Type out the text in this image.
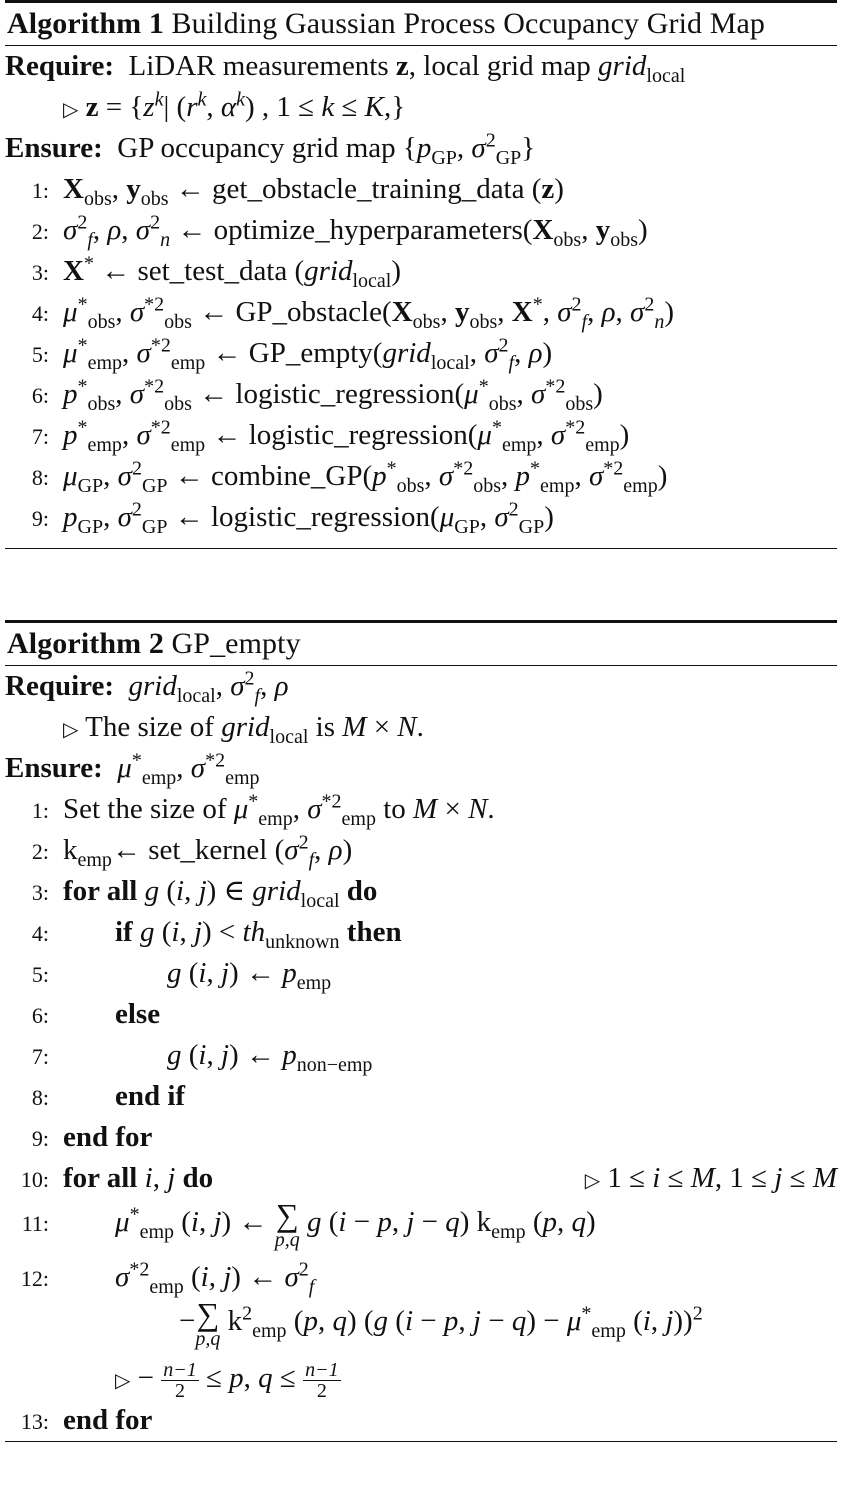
Algorithm 1 Building Gaussian Process Occupancy Grid Map
Require:  LiDAR measurements z, local grid map grid$_{local}$
▷ $z = \{z^k|$ ($r^k$, $\alpha^k$) , 1 ≤ k ≤ K,}
Ensure:  GP occupancy grid map {$p_{GP}$, $\sigma^2_{GP}$}
1: $X_{obs}$, $y_{obs}$ ← get_obstacle_training_data (z)
2: $\sigma^2_f$, ρ, $\sigma^2_n$ ← $optimize\_hyperparameters(X_{obs}$, $y_{obs}$)
3: X* ← set_test_data (grid$_{local}$)
4: $\mu^*_{obs}$, $\sigma^{*2}_{obs}$ ← $GP\_obstacle(X_{obs}$, $y_{obs}$, X*, $\sigma^2_f$, ρ, $\sigma^2_n$)
5: $\mu^*_{emp}$, $\sigma^{*2}_{emp}$ ← GP_empty(grid$_{local}$, $\sigma^2_f$, ρ)
6: $p^*_{obs}$, $\sigma^{*2}_{obs}$ ← $logistic\_regression(\mu^*_{obs}$, $\sigma^{*2}_{obs}$)
7: $p^*_{emp}$, $\sigma^{*2}_{emp}$ ← $logistic\_regression(\mu^*_{emp}$, $\sigma^{*2}_{emp}$)
8: $\mu_{GP}$, $\sigma^2_{GP}$ ← $combine\_GP(p^*_{obs}$, $\sigma^{*2}_{obs}$, $p^*_{emp}$, $\sigma^{*2}_{emp}$)
9: $p_{GP}$, $\sigma^2_{GP}$ ← $logistic\_regression(\mu_{GP}$, $\sigma^2_{GP}$)
Algorithm 2 GP_empty
Require: grid$_{local}$, $\sigma^2_f$, ρ
▷ The size of grid$_{local}$ is M × N.
Ensure: $\mu^*_{emp}$, $\sigma^{*2}_{emp}$
1: Set the size of $\mu^*_{emp}$, $\sigma^{*2}_{emp}$ to M × N.
2: $k_{emp}\leftarrow$ set_kernel ($\sigma^2_f$, ρ)
3: for all g (i, j) ∈ grid$_{local}$ do
4: if g (i, $j) < th_{unknown}$ then
5:	g (i, j) ← $p_{emp}$
6: else
7:	g (i, j) ← $p_{non-emp}$
8: end if
9: end for
10: for all i, j do	▷ 1 ≤ i ≤ M, 1 ≤ j ≤ M
11: $\mu^*_{emp}$ (i, j) ← ∑
p,q
g (i − p, j − q) $k_{emp}$ (p, q)
12: $\sigma^{*2}_{emp}$ (i, j) ← $\sigma^2_f$
− ∑
p,q
$k^2_{emp}$ (p, q) (g (i − p, $j - q) - \mu^*_{emp}$ (i, j))$^2$
▷ − $\frac{n-1}{2} \le p$, $q \le \frac{n-1}{2}$
13: end for
